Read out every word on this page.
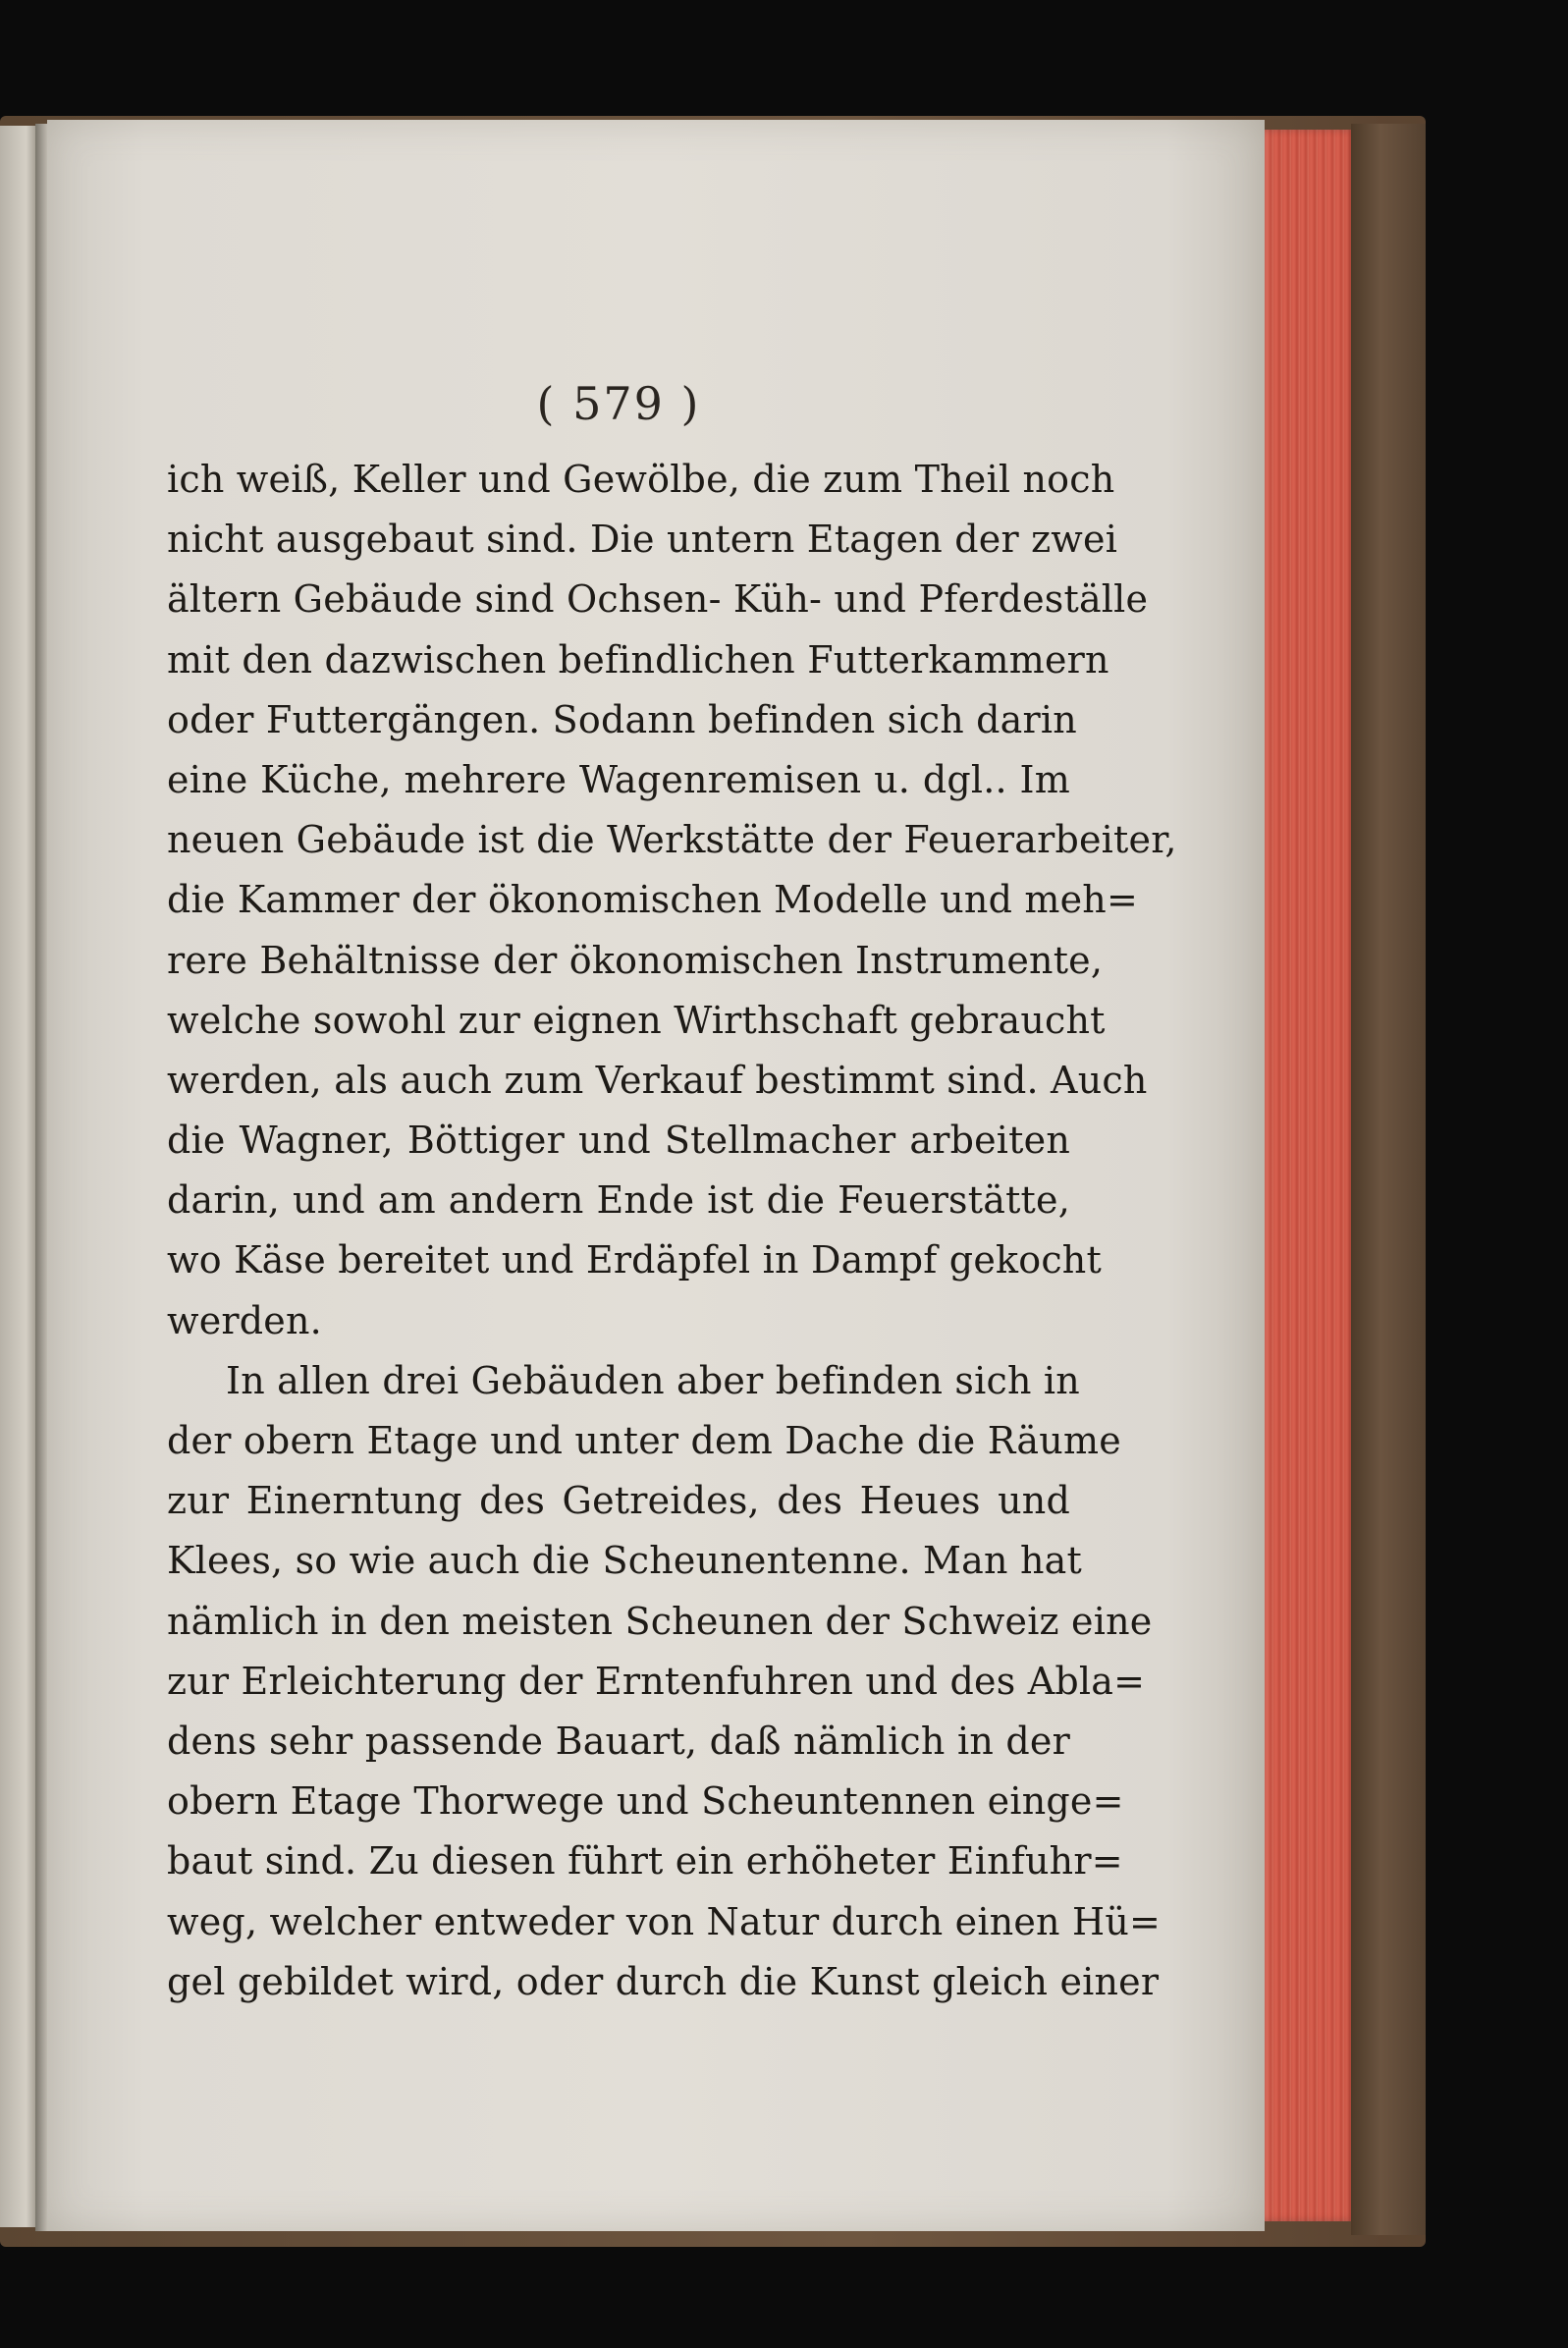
( 579 )
ich weiß, Keller und Gewölbe, die zum Theil noch
nicht ausgebaut sind. Die untern Etagen der zwei
ältern Gebäude sind Ochsen- Küh- und Pferdeställe
mit den dazwischen befindlichen Futterkammern
oder Futtergängen. Sodann befinden sich darin
eine Küche, mehrere Wagenremisen u. dgl.. Im
neuen Gebäude ist die Werkstätte der Feuerarbeiter,
die Kammer der ökonomischen Modelle und meh=
rere Behältnisse der ökonomischen Instrumente,
welche sowohl zur eignen Wirthschaft gebraucht
werden, als auch zum Verkauf bestimmt sind. Auch
die Wagner, Böttiger und Stellmacher arbeiten
darin, und am andern Ende ist die Feuerstätte,
wo Käse bereitet und Erdäpfel in Dampf gekocht
werden.
In allen drei Gebäuden aber befinden sich in
der obern Etage und unter dem Dache die Räume
zur Einerntung des Getreides, des Heues und
Klees, so wie auch die Scheunentenne. Man hat
nämlich in den meisten Scheunen der Schweiz eine
zur Erleichterung der Erntenfuhren und des Abla=
dens sehr passende Bauart, daß nämlich in der
obern Etage Thorwege und Scheuntennen einge=
baut sind. Zu diesen führt ein erhöheter Einfuhr=
weg, welcher entweder von Natur durch einen Hü=
gel gebildet wird, oder durch die Kunst gleich einer
